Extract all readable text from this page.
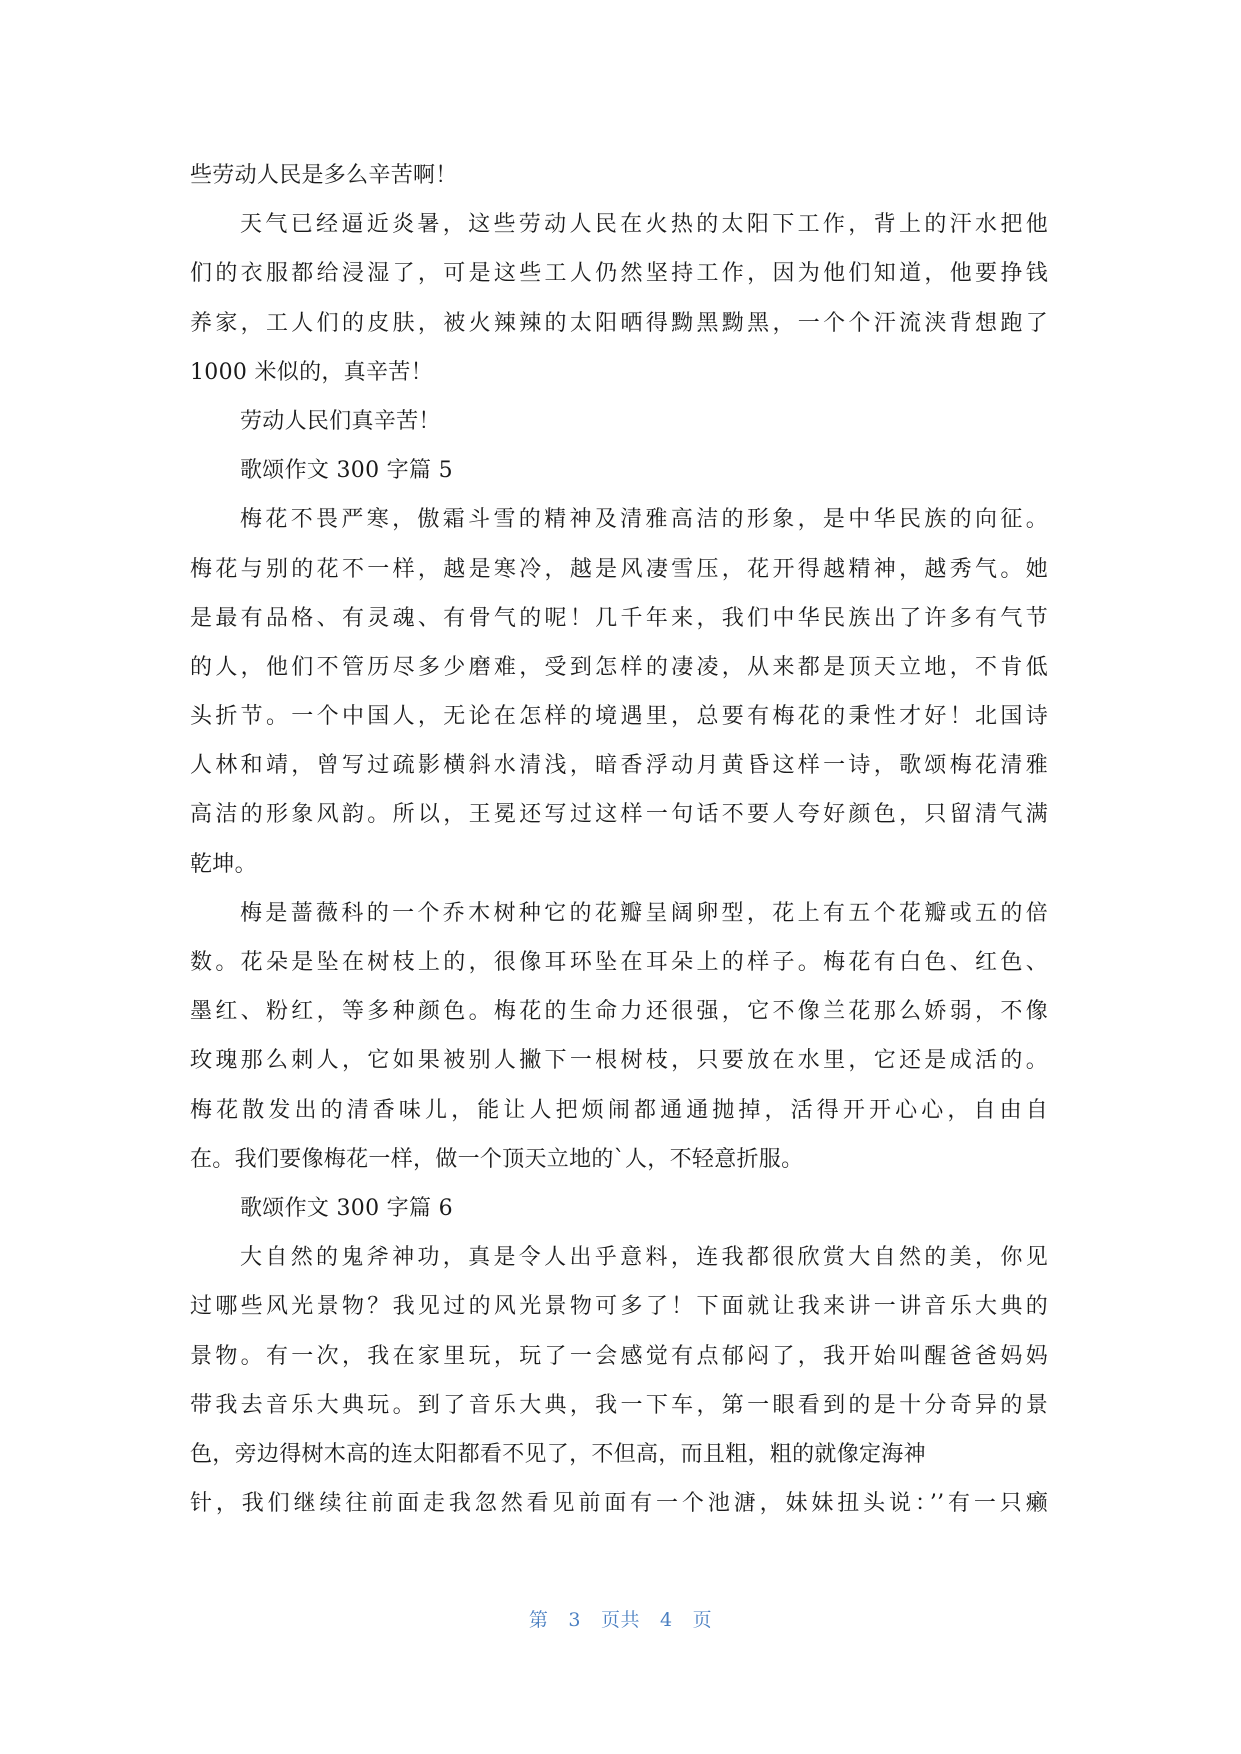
些劳动人民是多么辛苦啊！
天气已经逼近炎暑，这些劳动人民在火热的太阳下工作，背上的汗水把他
们的衣服都给浸湿了，可是这些工人仍然坚持工作，因为他们知道，他要挣钱
养家，工人们的皮肤，被火辣辣的太阳晒得黝黑黝黑，一个个汗流浃背想跑了
1000 米似的，真辛苦！
劳动人民们真辛苦！
歌颂作文 300 字篇 5
梅花不畏严寒，傲霜斗雪的精神及清雅高洁的形象，是中华民族的向征。
梅花与别的花不一样，越是寒冷，越是风凄雪压，花开得越精神，越秀气。她
是最有品格、有灵魂、有骨气的呢！几千年来，我们中华民族出了许多有气节
的人，他们不管历尽多少磨难，受到怎样的凄凌，从来都是顶天立地，不肯低
头折节。一个中国人，无论在怎样的境遇里，总要有梅花的秉性才好！北国诗
人林和靖，曾写过疏影横斜水清浅，暗香浮动月黄昏这样一诗，歌颂梅花清雅
高洁的形象风韵。所以，王冕还写过这样一句话不要人夸好颜色，只留清气满
乾坤。
梅是蔷薇科的一个乔木树种它的花瓣呈阔卵型，花上有五个花瓣或五的倍
数。花朵是坠在树枝上的，很像耳环坠在耳朵上的样子。梅花有白色、红色、
墨红、粉红，等多种颜色。梅花的生命力还很强，它不像兰花那么娇弱，不像
玫瑰那么刺人，它如果被别人撇下一根树枝，只要放在水里，它还是成活的。
梅花散发出的清香味儿，能让人把烦闹都通通抛掉，活得开开心心，自由自
在。我们要像梅花一样，做一个顶天立地的`人，不轻意折服。
歌颂作文 300 字篇 6
大自然的鬼斧神功，真是令人出乎意料，连我都很欣赏大自然的美，你见
过哪些风光景物？我见过的风光景物可多了！下面就让我来讲一讲音乐大典的
景物。有一次，我在家里玩，玩了一会感觉有点郁闷了，我开始叫醒爸爸妈妈
带我去音乐大典玩。到了音乐大典，我一下车，第一眼看到的是十分奇异的景
色，旁边得树木高的连太阳都看不见了，不但高，而且粗，粗的就像定海神
针，我们继续往前面走我忽然看见前面有一个池溏，妹妹扭头说：’’有一只癞
第 3 页共 4 页
